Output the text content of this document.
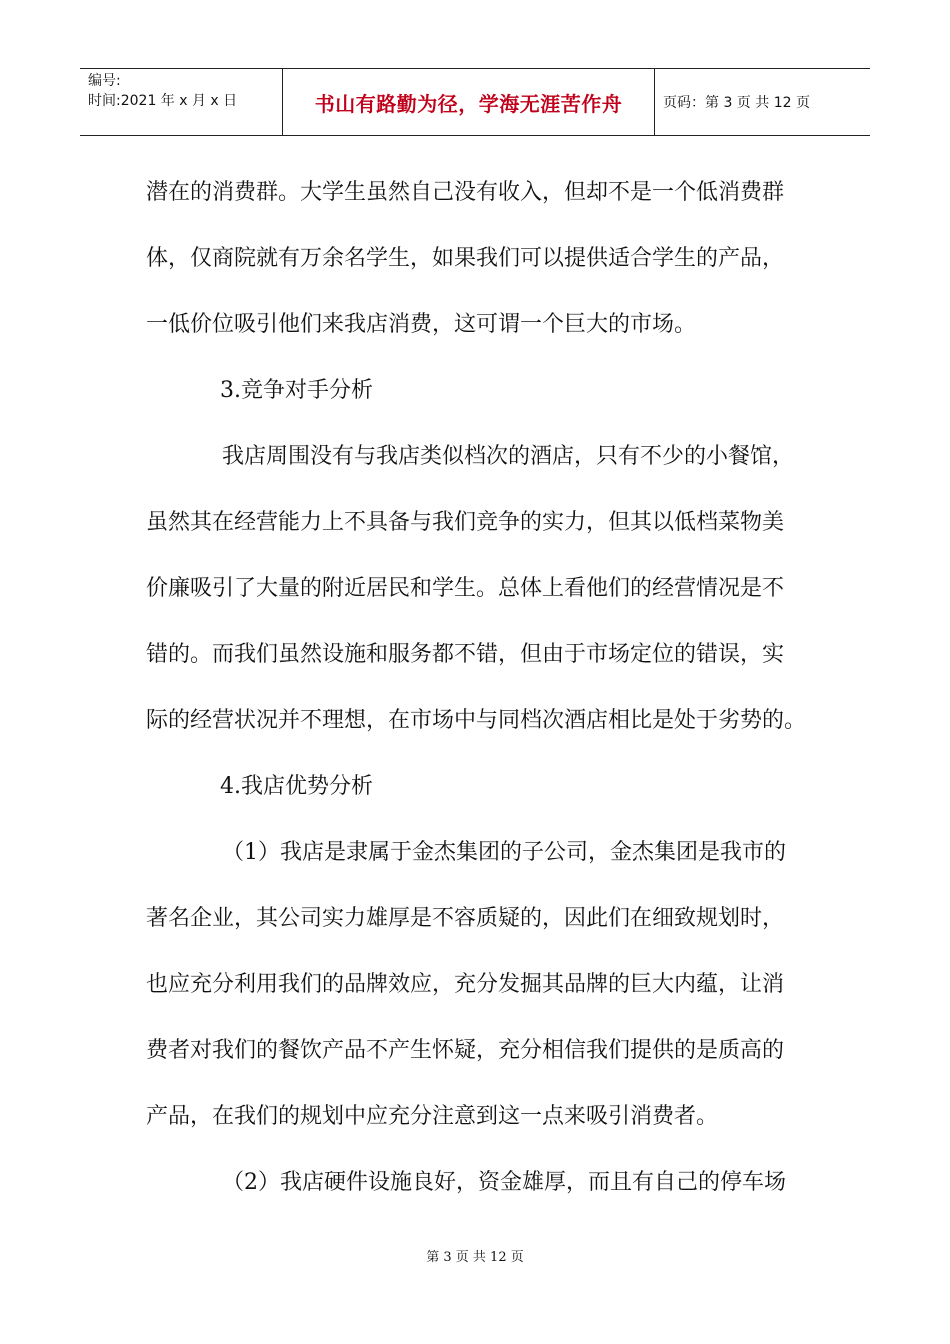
编号:
时间:2021 年 x 月 x 日	书山有路勤为径，学海无涯苦作舟	页码：第 3 页 共 12 页

潜在的消费群。大学生虽然自己没有收入，但却不是一个低消费群

体，仅商院就有万余名学生，如果我们可以提供适合学生的产品，

一低价位吸引他们来我店消费，这可谓一个巨大的市场。

3.竞争对手分析

我店周围没有与我店类似档次的酒店，只有不少的小餐馆，

虽然其在经营能力上不具备与我们竞争的实力，但其以低档菜物美

价廉吸引了大量的附近居民和学生。总体上看他们的经营情况是不

错的。而我们虽然设施和服务都不错，但由于市场定位的错误，实

际的经营状况并不理想，在市场中与同档次酒店相比是处于劣势的。

4.我店优势分析

（1）我店是隶属于金杰集团的子公司，金杰集团是我市的

著名企业，其公司实力雄厚是不容质疑的，因此们在细致规划时，

也应充分利用我们的品牌效应，充分发掘其品牌的巨大内蕴，让消

费者对我们的餐饮产品不产生怀疑，充分相信我们提供的是质高的

产品，在我们的规划中应充分注意到这一点来吸引消费者。

（2）我店硬件设施良好，资金雄厚，而且有自己的停车场

第 3 页 共 12 页
